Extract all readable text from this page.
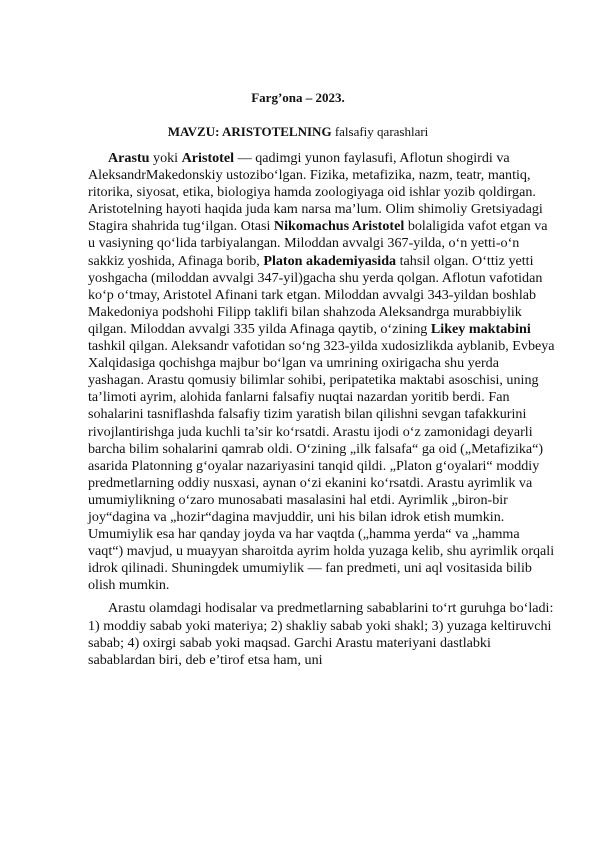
Farg’ona – 2023.
MAVZU: ARISTOTELNING falsafiy qarashlari

Arastu yoki Aristotel — qadimgi yunon faylasufi, Aflotun shogirdi va AleksandrMakedonskiy ustozibo‘lgan. Fizika, metafizika, nazm, teatr, mantiq, ritorika, siyosat, etika, biologiya hamda zoologiyaga oid ishlar yozib qoldirgan. Aristotelning hayoti haqida juda kam narsa ma’lum. Olim shimoliy Gretsiyadagi Stagira shahrida tug‘ilgan. Otasi Nikomachus Aristotel bolaligida vafot etgan va u vasiyning qo‘lida tarbiyalangan. Miloddan avvalgi 367-yilda, o‘n yetti-o‘n sakkiz yoshida, Afinaga borib, Platon akademiyasida tahsil olgan. O‘ttiz yetti yoshgacha (miloddan avvalgi 347-yil)gacha shu yerda qolgan. Aflotun vafotidan ko‘p o‘tmay, Aristotel Afinani tark etgan. Miloddan avvalgi 343-yildan boshlab Makedoniya podshohi Filipp taklifi bilan shahzoda Aleksandrga murabbiylik qilgan. Miloddan avvalgi 335 yilda Afinaga qaytib, o‘zining Likey maktabini tashkil qilgan. Aleksandr vafotidan so‘ng 323-yilda xudosizlikda ayblanib, Evbeya Xalqidasiga qochishga majbur bo‘lgan va umrining oxirigacha shu yerda yashagan. Arastu qomusiy bilimlar sohibi, peripatetika maktabi asoschisi, uning ta’limoti ayrim, alohida fanlarni falsafiy nuqtai nazardan yoritib berdi. Fan sohalarini tasniflashda falsafiy tizim yaratish bilan qilishni sevgan tafakkurini rivojlantirishga juda kuchli ta’sir ko‘rsatdi. Arastu ijodi o‘z zamonidagi deyarli barcha bilim sohalarini qamrab oldi. O‘zining „ilk falsafa“ ga oid („Metafizika“) asarida Platonning g‘oyalar nazariyasini tanqid qildi. „Platon g‘oyalari“ moddiy predmetlarning oddiy nusxasi, aynan o‘zi ekanini ko‘rsatdi. Arastu ayrimlik va umumiylikning o‘zaro munosabati masalasini hal etdi. Ayrimlik „biron-bir joy“dagina va „hozir“dagina mavjuddir, uni his bilan idrok etish mumkin. Umumiylik esa har qanday joyda va har vaqtda („hamma yerda“ va „hamma vaqt“) mavjud, u muayyan sharoitda ayrim holda yuzaga kelib, shu ayrimlik orqali idrok qilinadi. Shuningdek umumiylik — fan predmeti, uni aql vositasida bilib olish mumkin.

Arastu olamdagi hodisalar va predmetlarning sabablarini to‘rt guruhga bo‘ladi: 1) moddiy sabab yoki materiya; 2) shakliy sabab yoki shakl; 3) yuzaga keltiruvchi sabab; 4) oxirgi sabab yoki maqsad. Garchi Arastu materiyani dastlabki sabablardan biri, deb e’tirof etsa ham, uni
